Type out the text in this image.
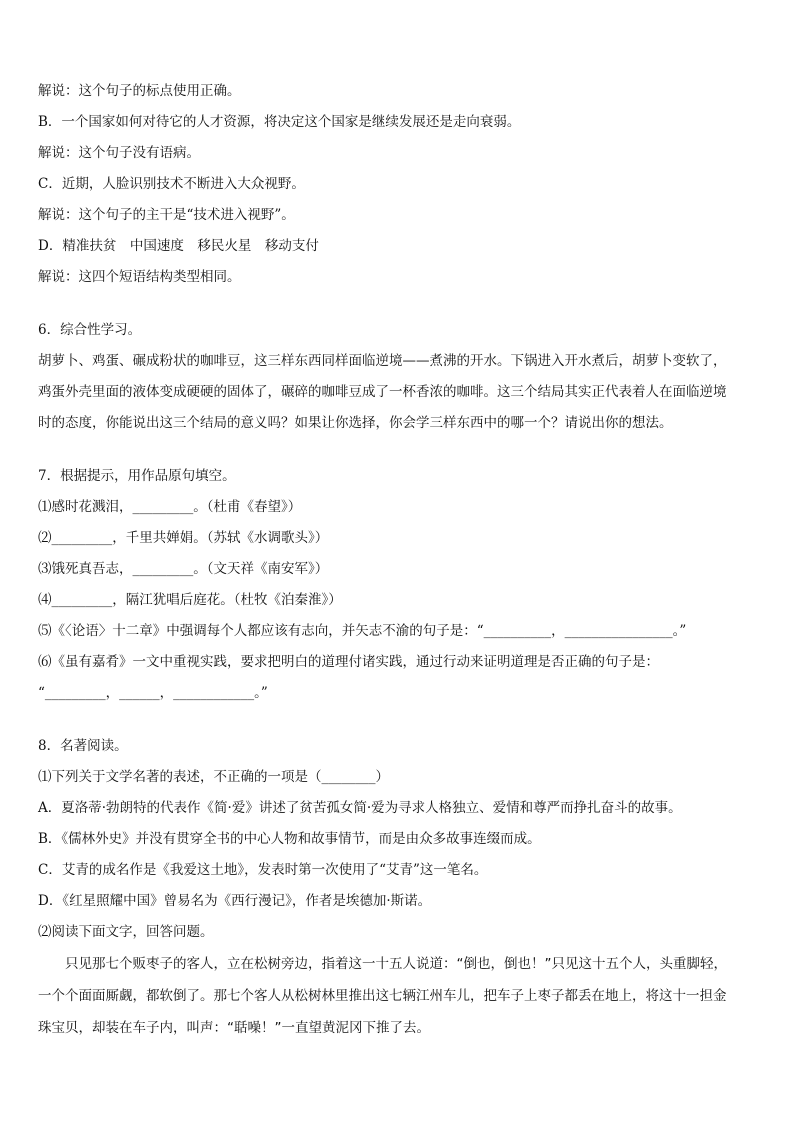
解说：这个句子的标点使用正确。
B．一个国家如何对待它的人才资源，将决定这个国家是继续发展还是走向衰弱。
解说：这个句子没有语病。
C．近期，人脸识别技术不断进入大众视野。
解说：这个句子的主干是“技术进入视野”。
D．精准扶贫　中国速度　移民火星　移动支付
解说：这四个短语结构类型相同。
6．综合性学习。
胡萝卜、鸡蛋、碾成粉状的咖啡豆，这三样东西同样面临逆境——煮沸的开水。下锅进入开水煮后，胡萝卜变软了，
鸡蛋外壳里面的液体变成硬硬的固体了，碾碎的咖啡豆成了一杯香浓的咖啡。这三个结局其实正代表着人在面临逆境
时的态度，你能说出这三个结局的意义吗？如果让你选择，你会学三样东西中的哪一个？请说出你的想法。
7．根据提示，用作品原句填空。
⑴感时花溅泪，_________。（杜甫《春望》）
⑵_________，千里共婵娟。（苏轼《水调歌头》）
⑶饿死真吾志，_________。（文天祥《南安军》）
⑷_________，隔江犹唱后庭花。（杜牧《泊秦淮》）
⑸《〈论语〉十二章》中强调每个人都应该有志向，并矢志不渝的句子是：“__________，________________。”
⑹《虽有嘉肴》一文中重视实践，要求把明白的道理付诸实践，通过行动来证明道理是否正确的句子是：
“_________，______，____________。”
8．名著阅读。
⑴下列关于文学名著的表述，不正确的一项是（________）
A．夏洛蒂·勃朗特的代表作《简·爱》讲述了贫苦孤女简·爱为寻求人格独立、爱情和尊严而挣扎奋斗的故事。
B．《儒林外史》并没有贯穿全书的中心人物和故事情节，而是由众多故事连缀而成。
C．艾青的成名作是《我爱这土地》，发表时第一次使用了“艾青”这一笔名。
D．《红星照耀中国》曾易名为《西行漫记》，作者是埃德加·斯诺。
⑵阅读下面文字，回答问题。
只见那七个贩枣子的客人，立在松树旁边，指着这一十五人说道：“倒也，倒也！”只见这十五个人，头重脚轻，
一个个面面厮觑，都软倒了。那七个客人从松树林里推出这七辆江州车儿，把车子上枣子都丢在地上，将这十一担金
珠宝贝，却装在车子内，叫声：“聒噪！”一直望黄泥冈下推了去。
